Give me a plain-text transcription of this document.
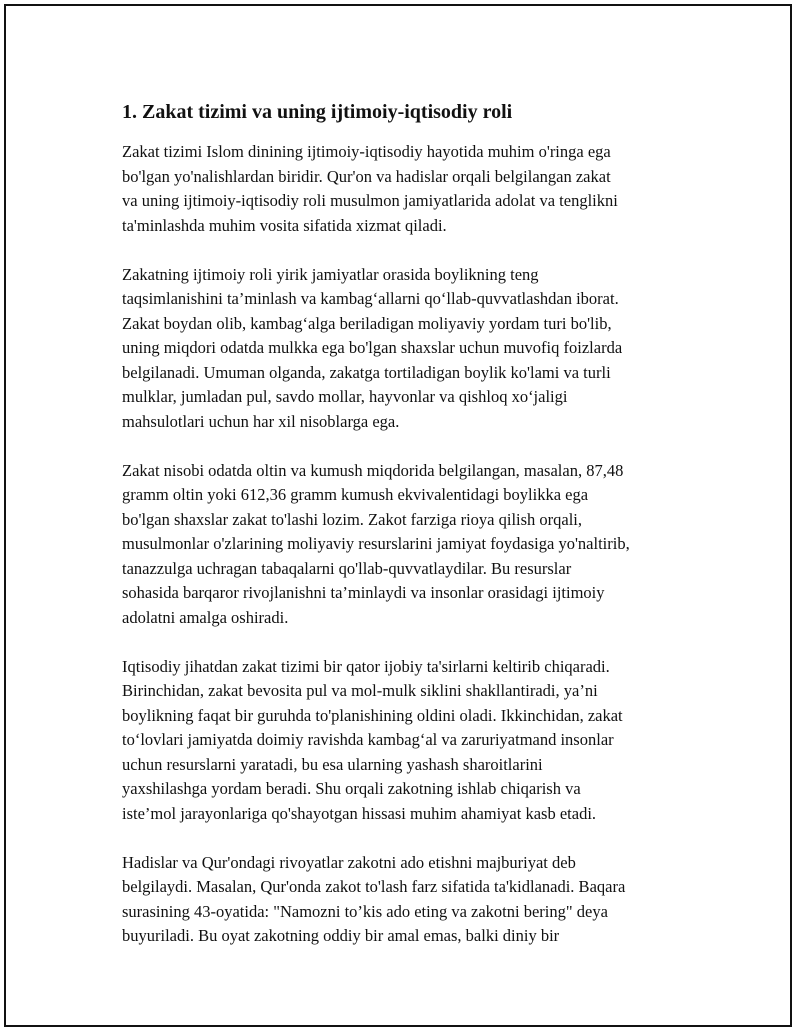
1. Zakat tizimi va uning ijtimoiy-iqtisodiy roli

Zakat tizimi Islom dinining ijtimoiy-iqtisodiy hayotida muhim o'ringa ega
bo'lgan yo'nalishlardan biridir. Qur'on va hadislar orqali belgilangan zakat
va uning ijtimoiy-iqtisodiy roli musulmon jamiyatlarida adolat va tenglikni
ta'minlashda muhim vosita sifatida xizmat qiladi.

Zakatning ijtimoiy roli yirik jamiyatlar orasida boylikning teng
taqsimlanishini ta’minlash va kambag‘allarni qo‘llab-quvvatlashdan iborat.
Zakat boydan olib, kambag‘alga beriladigan moliyaviy yordam turi bo'lib,
uning miqdori odatda mulkka ega bo'lgan shaxslar uchun muvofiq foizlarda
belgilanadi. Umuman olganda, zakatga tortiladigan boylik ko'lami va turli
mulklar, jumladan pul, savdo mollar, hayvonlar va qishloq xo‘jaligi
mahsulotlari uchun har xil nisoblarga ega.

Zakat nisobi odatda oltin va kumush miqdorida belgilangan, masalan, 87,48
gramm oltin yoki 612,36 gramm kumush ekvivalentidagi boylikka ega
bo'lgan shaxslar zakat to'lashi lozim. Zakot farziga rioya qilish orqali,
musulmonlar o'zlarining moliyaviy resurslarini jamiyat foydasiga yo'naltirib,
tanazzulga uchragan tabaqalarni qo'llab-quvvatlaydilar. Bu resurslar
sohasida barqaror rivojlanishni ta’minlaydi va insonlar orasidagi ijtimoiy
adolatni amalga oshiradi.

Iqtisodiy jihatdan zakat tizimi bir qator ijobiy ta'sirlarni keltirib chiqaradi.
Birinchidan, zakat bevosita pul va mol-mulk siklini shakllantiradi, ya’ni
boylikning faqat bir guruhda to'planishining oldini oladi. Ikkinchidan, zakat
to‘lovlari jamiyatda doimiy ravishda kambag‘al va zaruriyatmand insonlar
uchun resurslarni yaratadi, bu esa ularning yashash sharoitlarini
yaxshilashga yordam beradi. Shu orqali zakotning ishlab chiqarish va
iste’mol jarayonlariga qo'shayotgan hissasi muhim ahamiyat kasb etadi.

Hadislar va Qur'ondagi rivoyatlar zakotni ado etishni majburiyat deb
belgilaydi. Masalan, Qur'onda zakot to'lash farz sifatida ta'kidlanadi. Baqara
surasining 43-oyatida: "Namozni to’kis ado eting va zakotni bering" deya
buyuriladi. Bu oyat zakotning oddiy bir amal emas, balki diniy bir
